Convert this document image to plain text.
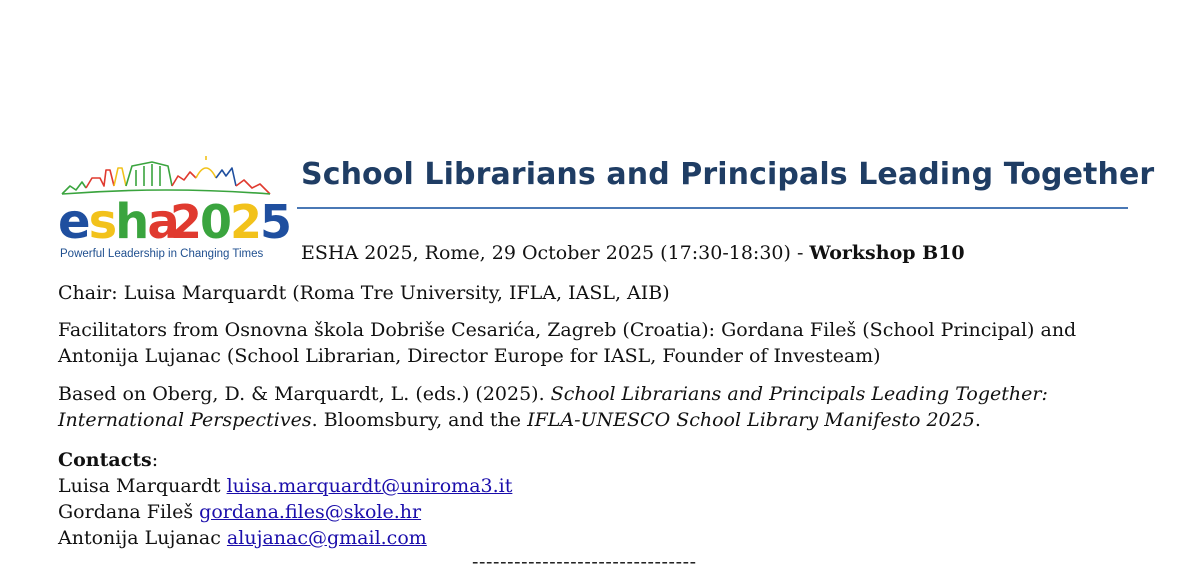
esha
2025
Powerful Leadership in Changing Times
School Librarians and Principals Leading Together
ESHA 2025, Rome, 29 October 2025 (17:30-18:30) - Workshop B10
Chair: Luisa Marquardt (Roma Tre University, IFLA, IASL, AIB)
Facilitators from Osnovna škola Dobriše Cesarića, Zagreb (Croatia): Gordana Fileš (School Principal) and
Antonija Lujanac (School Librarian, Director Europe for IASL, Founder of Investeam)
Based on Oberg, D. & Marquardt, L. (eds.) (2025). School Librarians and Principals Leading Together:
International Perspectives. Bloomsbury, and the IFLA-UNESCO School Library Manifesto 2025.
Contacts:
Luisa Marquardt luisa.marquardt@uniroma3.it
Gordana Fileš gordana.files@skole.hr
Antonija Lujanac alujanac@gmail.com
--------------------------------
